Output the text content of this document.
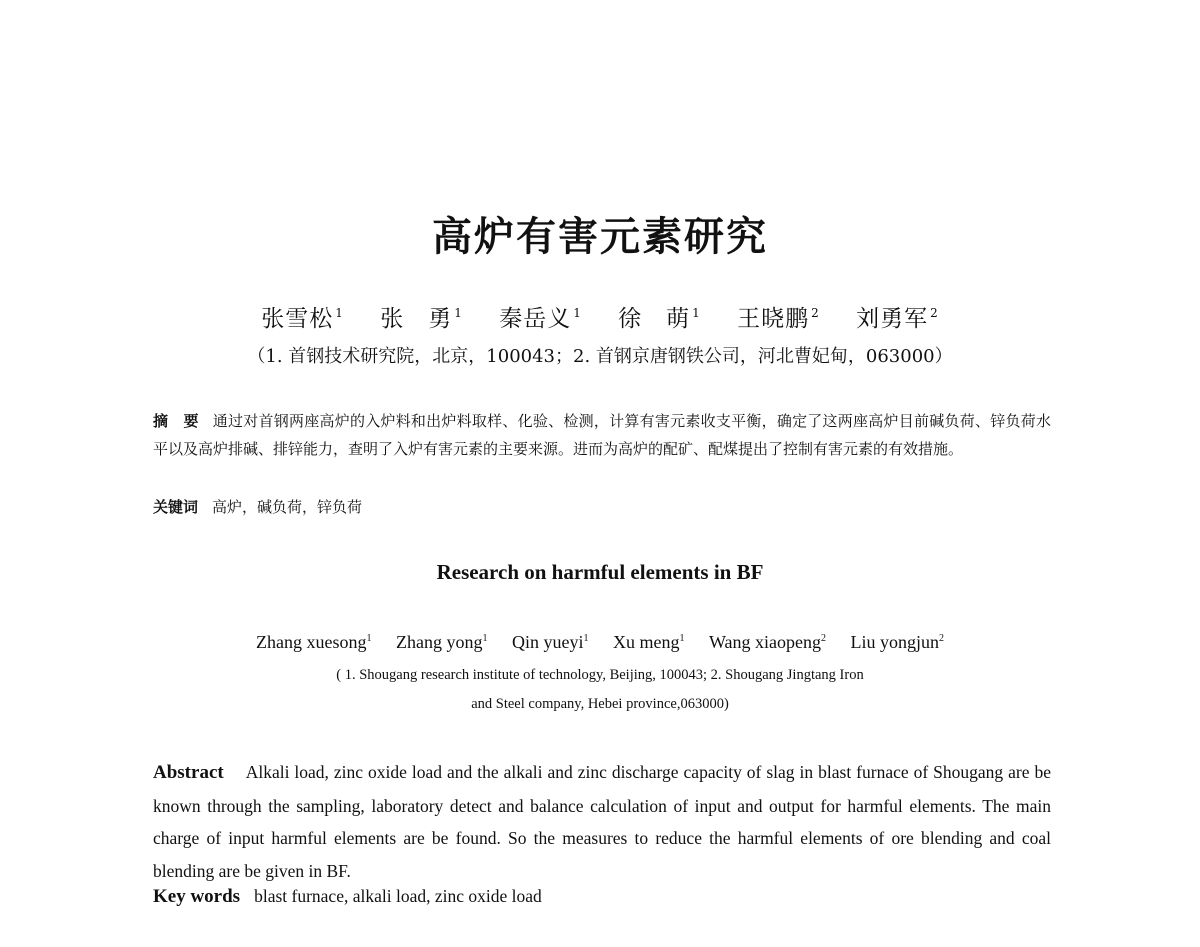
高炉有害元素研究
张雪松 $^1$ 张　勇 $^1$ 秦岳义 $^1$ 徐　萌 $^1$ 王晓鹏 $^2$ 刘勇军 $^2$
（1. 首钢技术研究院，北京，100043；2. 首钢京唐钢铁公司，河北曹妃甸，063000）
摘　要 通过对首钢两座高炉的入炉料和出炉料取样、化验、检测，计算有害元素收支平衡，确定了这两座高炉目前碱负荷、锌负荷水平以及高炉排碱、排锌能力，查明了入炉有害元素的主要来源。进而为高炉的配矿、配煤提出了控制有害元素的有效措施。
关键词 高炉，碱负荷，锌负荷
Research on harmful elements in BF
Zhang xuesong$^1$ Zhang yong$^1$ Qin yueyi$^1$ Xu meng$^1$ Wang xiaopeng$^2$ Liu yongjun$^2$
( 1. Shougang research institute of technology, Beijing, 100043; 2. Shougang Jingtang Iron
and Steel company, Hebei province,063000)
Abstract Alkali load, zinc oxide load and the alkali and zinc discharge capacity of slag in blast furnace of Shougang are be known through the sampling, laboratory detect and balance calculation of input and output for harmful elements. The main charge of input harmful elements are be found. So the measures to reduce the harmful elements of ore blending and coal blending are be given in BF.
Key words blast furnace, alkali load, zinc oxide load
